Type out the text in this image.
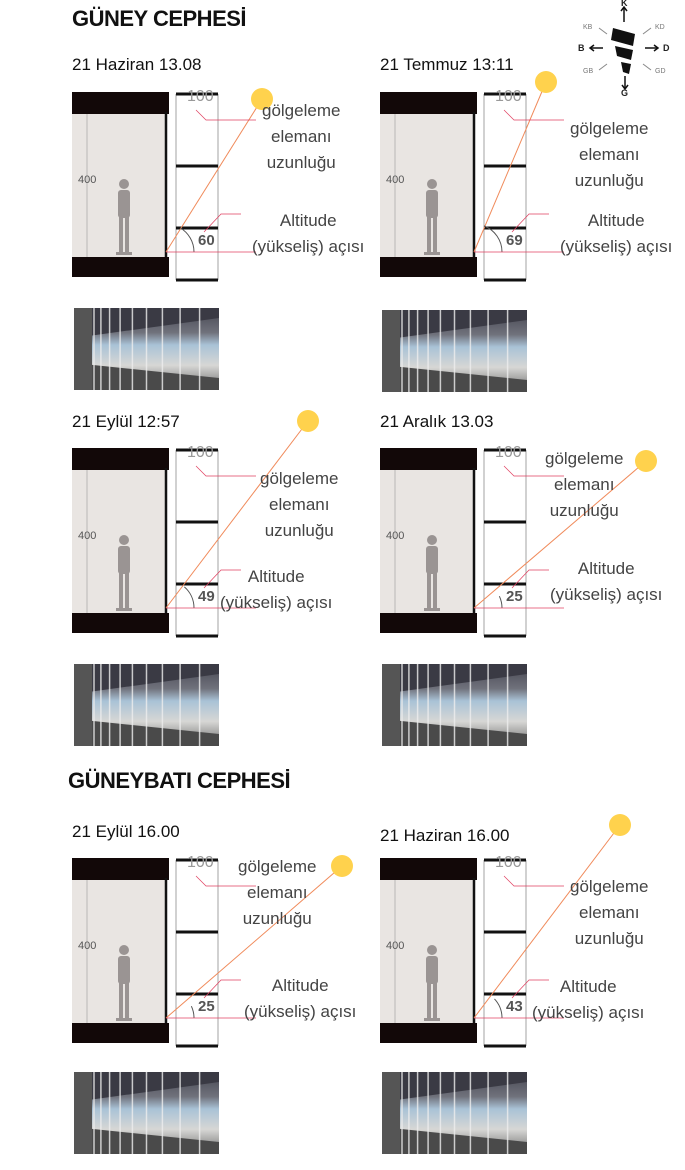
GÜNEY CEPHESİ
GÜNEYBATI CEPHESİ
K
G
B	D
KB	KD
GB	GD
21 Haziran 13.08
100
400
60
gölgeleme
elemanı
uzunluğu
Altitude
(yükseliş) açısı
21 Temmuz 13:11
100
400
69
gölgeleme
elemanı
uzunluğu
Altitude
(yükseliş) açısı
21 Eylül 12:57
100
400
49
gölgeleme
elemanı
uzunluğu
Altitude
(yükseliş) açısı
21 Aralık 13.03
100
400
25
gölgeleme
elemanı
uzunluğu
Altitude
(yükseliş) açısı
21 Eylül 16.00
100
400
25
gölgeleme
elemanı
uzunluğu
Altitude
(yükseliş) açısı
21 Haziran 16.00
100
400
43
gölgeleme
elemanı
uzunluğu
Altitude
(yükseliş) açısı
